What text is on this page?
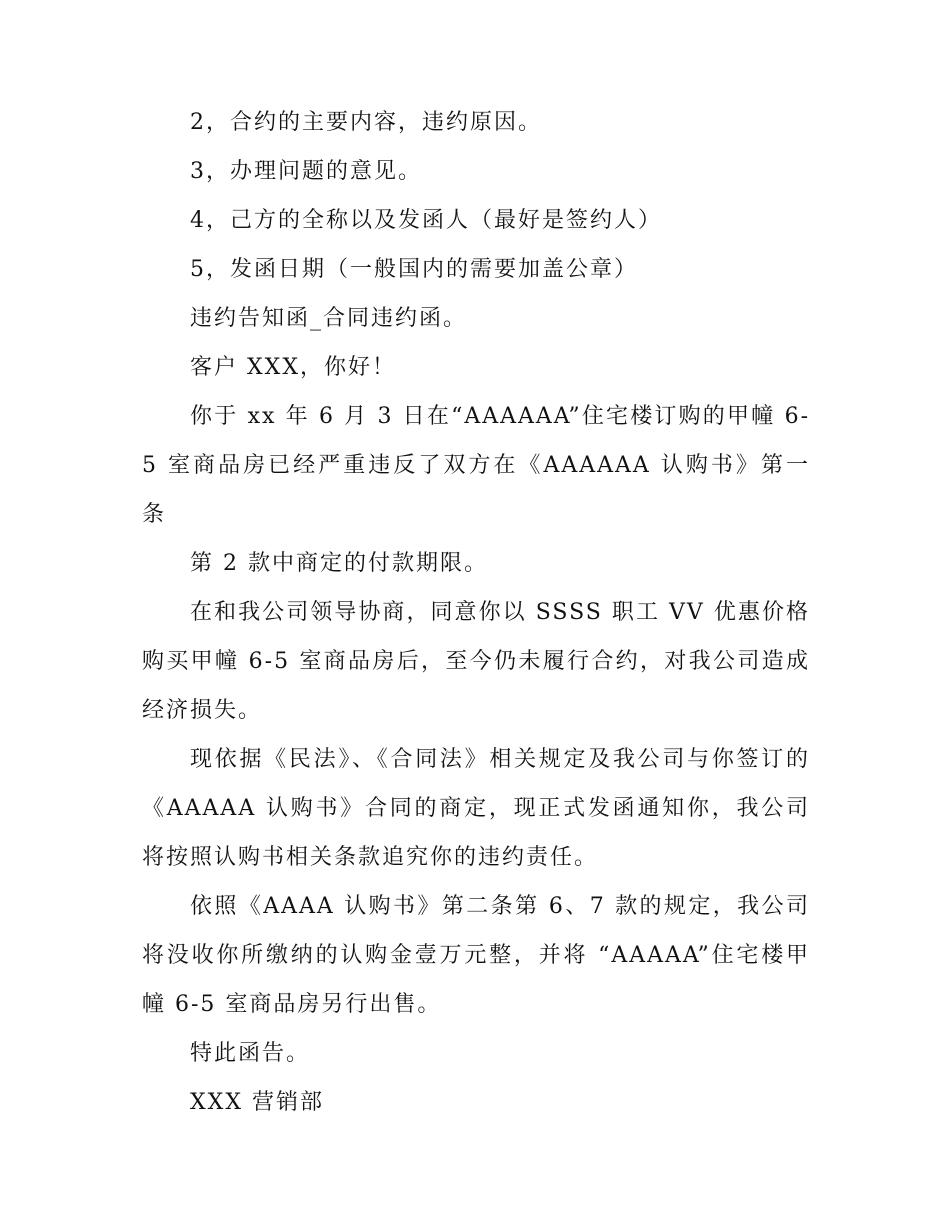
2，合约的主要内容，违约原因。

3，办理问题的意见。

4，己方的全称以及发函人（最好是签约人）

5，发函日期（一般国内的需要加盖公章）

违约告知函_合同违约函。

客户 XXX，你好！

你于 xx 年 6 月 3 日在“AAAAAA”住宅楼订购的甲幢 6-5 室商品房已经严重违反了双方在《AAAAAA 认购书》第一条

第 2 款中商定的付款期限。

在和我公司领导协商，同意你以 SSSS 职工 VV 优惠价格购买甲幢 6-5 室商品房后，至今仍未履行合约，对我公司造成经济损失。

现依据《民法》、《合同法》相关规定及我公司与你签订的《AAAAA 认购书》合同的商定，现正式发函通知你，我公司将按照认购书相关条款追究你的违约责任。

依照《AAAA 认购书》第二条第 6、7 款的规定，我公司将没收你所缴纳的认购金壹万元整，并将 “AAAAA”住宅楼甲幢 6-5 室商品房另行出售。

特此函告。

XXX 营销部
